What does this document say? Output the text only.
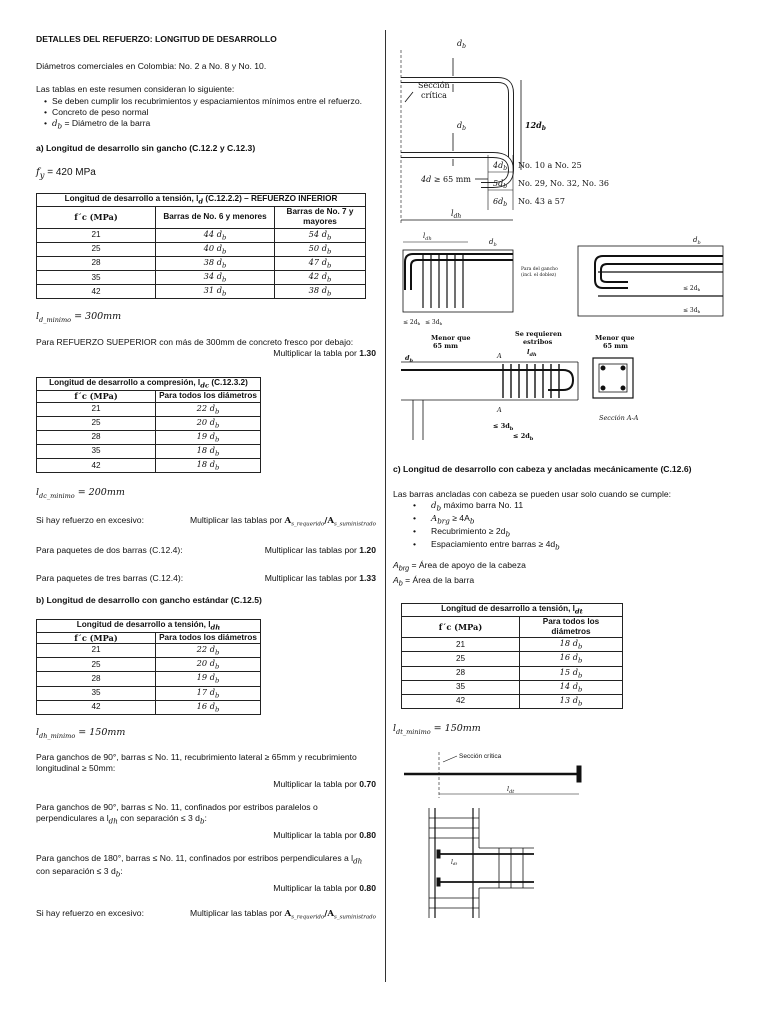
DETALLES DEL REFUERZO: LONGITUD DE DESARROLLO

Diámetros comerciales en Colombia: No. 2 a No. 8 y No. 10.

Las tablas en este resumen consideran lo siguiente:

• Se deben cumplir los recubrimientos y espaciamientos mínimos entre el refuerzo.
• Concreto de peso normal
• $d_b$ = Diámetro de la barra

a) Longitud de desarrollo sin gancho (C.12.2 y C.12.3)

$f_y = 420$ MPa

Longitud de desarrollo a tensión, $l_d$ (C.12.2.2) – REFUERZO INFERIOR		
f´c (MPa)	Barras de No. 6 y menores	Barras de No. 7 y mayores
21	44 $d_b$	54 $d_b$
25	40 $d_b$	50 $d_b$
28	38 $d_b$	47 $d_b$
35	34 $d_b$	42 $d_b$
42	31 $d_b$	38 $d_b$

$l_{d\_minimo} = 300mm$

Para REFUERZO SUEPERIOR con más de 300mm de concreto fresco por debajo:

Multiplicar la tabla por 1.30

Longitud de desarrollo a compresión, $l_{dc}$ (C.12.3.2)	
f´c (MPa)	Para todos los diámetros
21	22 $d_b$
25	20 $d_b$
28	19 $d_b$
35	18 $d_b$
42	18 $d_b$

$l_{dc\_minimo} = 200mm$

Si hay refuerzo en excesivo:	Multiplicar las tablas por $A_{s\_requerido}/A_{s\_suministrado}$
Para paquetes de dos barras (C.12.4):	Multiplicar las tablas por 1.20
Para paquetes de tres barras (C.12.4):	Multiplicar las tablas por 1.33

b) Longitud de desarrollo con gancho estándar (C.12.5)

Longitud de desarrollo a tensión, $l_{dh}$
f´c (MPa)	Para todos los diámetros
21	22 $d_b$
25	20 $d_b$
28	19 $d_b$
35	17 $d_b$
42	16 $d_b$

$l_{dh\_minimo} = 150mm$

Para ganchos de 90°, barras ≤ No. 11, recubrimiento lateral ≥ 65mm y recubrimiento longitudinal ≥ 50mm:

Multiplicar la tabla por 0.70

Para ganchos de 90°, barras ≤ No. 11, confinados por estribos paralelos o perpendiculares a $l_{dh}$ con separación ≤ 3 $d_b$:

Multiplicar la tabla por 0.80

Para ganchos de 180°, barras ≤ No. 11, confinados por estribos perpendiculares a $l_{dh}$ con separación ≤ 3 $d_b$:

Multiplicar la tabla por 0.80

Si hay refuerzo en excesivo:	Multiplicar las tablas por $A_{s\_requerido}/A_{s\_suministrado}$
$d_b$
$d_b$
Sección
crítica
$12d_b$
4d ≥ 65 mm
$4d_b$
$5d_b$
$6d_b$
No. 10 a No. 25
No. 29, No. 32, No. 36
No. 43 a 57
$l_{dh}$
$l_{dh}$	$d_b$
≤ 2db ≤ 3db
Para del gancho
(incl. el doblez)
$d_b$
≤ 2db
≤ 3db
Menor que
65 mm
Se requieren
estribos	Menor que
65 mm
$d_b$
$l_{dh}$
A
A
≤ $3d_b$
≤ $2d_b$
Sección A-A

c) Longitud de desarrollo con cabeza y ancladas mecánicamente (C.12.6)

Las barras ancladas con cabeza se pueden usar solo cuando se cumple:

• $d_b$ máximo barra No. 11
• $A_{brg} \ge 4A_b$
• Recubrimiento ≥ $2d_b$
• Espaciamiento entre barras ≥ $4d_b$

$A_{brg}$ = Área de apoyo de la cabeza

$A_b$ = Área de la barra

Longitud de desarrollo a tensión, $l_{dt}$
f´c (MPa)	Para todos los diámetros
21	18 $d_b$
25	16 $d_b$
28	15 $d_b$
35	14 $d_b$
42	13 $d_b$

$l_{dt\_minimo} = 150mm$

Sección crítica
$l_{dt}$
ldt
